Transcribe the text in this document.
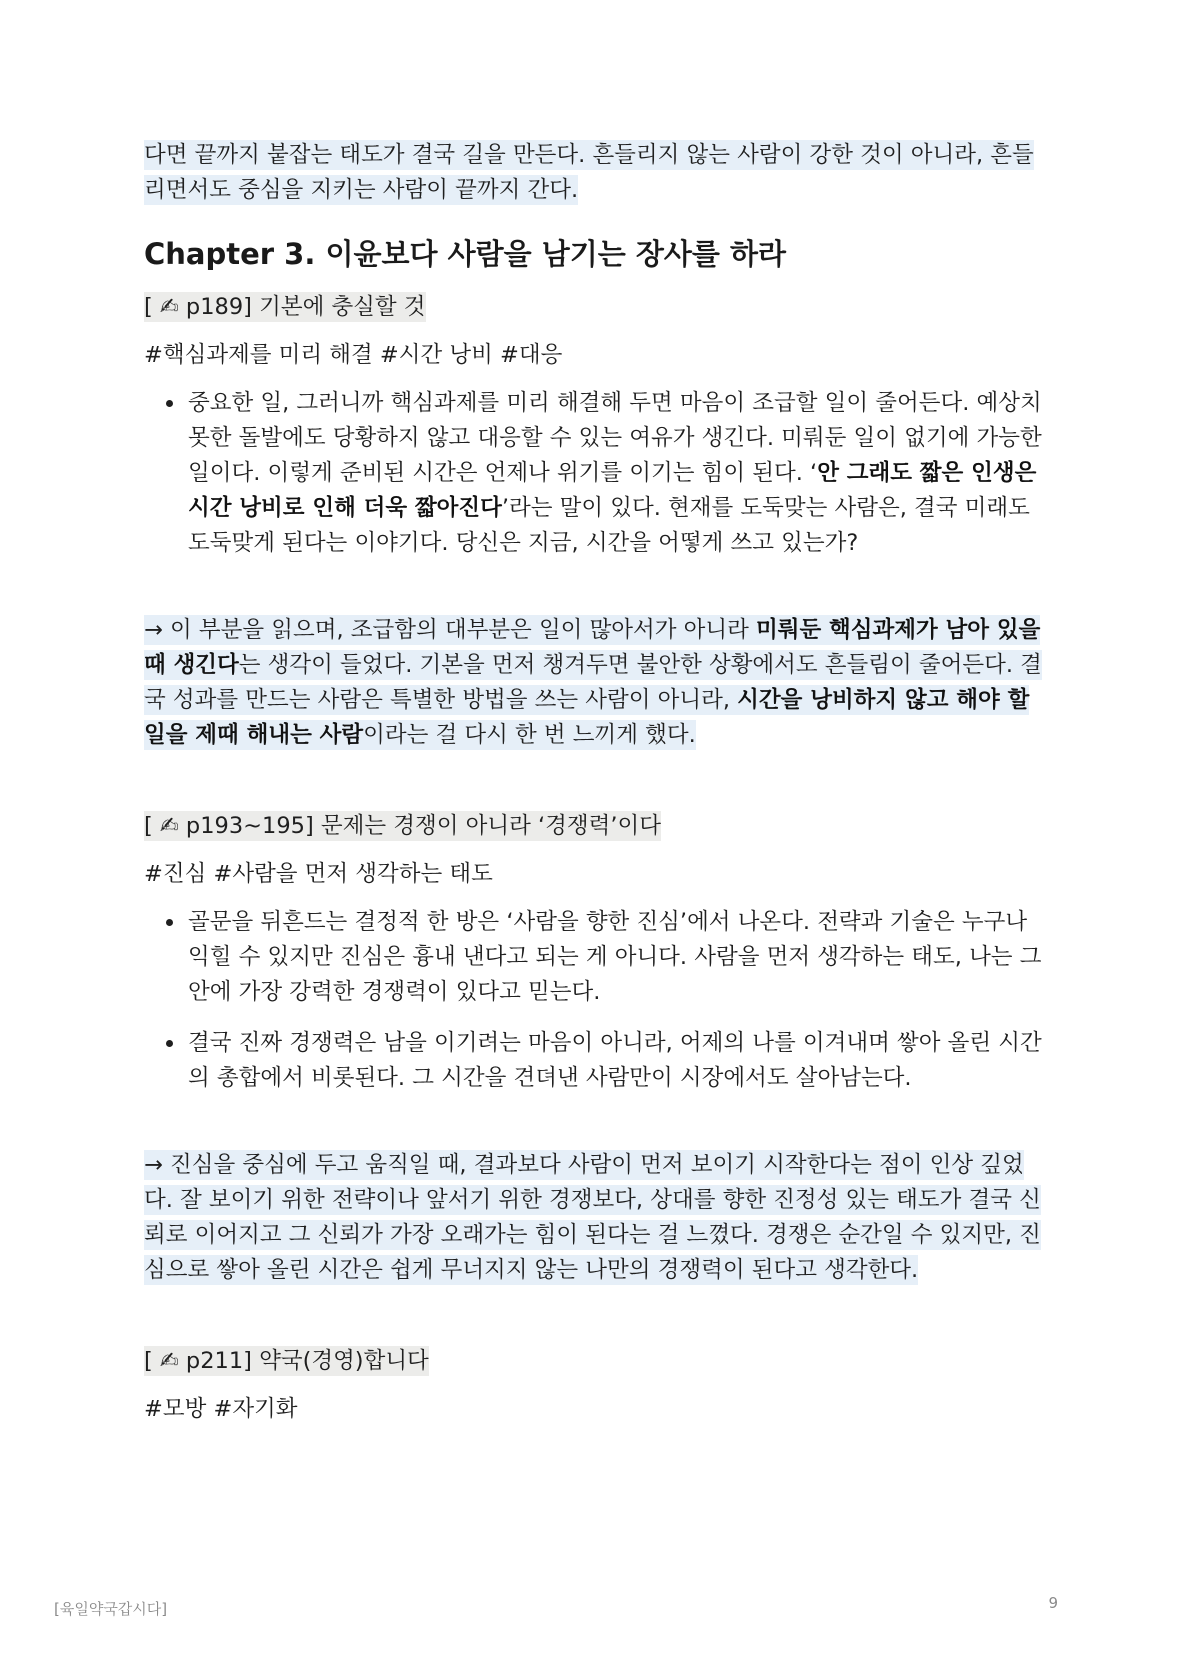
다면 끝까지 붙잡는 태도가 결국 길을 만든다. 흔들리지 않는 사람이 강한 것이 아니라, 흔들리면서도 중심을 지키는 사람이 끝까지 간다.

Chapter 3. 이윤보다 사람을 남기는 장사를 하라

[ ✍ p189] 기본에 충실할 것

#핵심과제를 미리 해결 #시간 낭비 #대응

• 중요한 일, 그러니까 핵심과제를 미리 해결해 두면 마음이 조급할 일이 줄어든다. 예상치 못한 돌발에도 당황하지 않고 대응할 수 있는 여유가 생긴다. 미뤄둔 일이 없기에 가능한 일이다. 이렇게 준비된 시간은 언제나 위기를 이기는 힘이 된다. ‘안 그래도 짧은 인생은 시간 낭비로 인해 더욱 짧아진다’라는 말이 있다. 현재를 도둑맞는 사람은, 결국 미래도 도둑맞게 된다는 이야기다. 당신은 지금, 시간을 어떻게 쓰고 있는가?

→ 이 부분을 읽으며, 조급함의 대부분은 일이 많아서가 아니라 미뤄둔 핵심과제가 남아 있을 때 생긴다는 생각이 들었다. 기본을 먼저 챙겨두면 불안한 상황에서도 흔들림이 줄어든다. 결국 성과를 만드는 사람은 특별한 방법을 쓰는 사람이 아니라, 시간을 낭비하지 않고 해야 할 일을 제때 해내는 사람이라는 걸 다시 한 번 느끼게 했다.

[ ✍ p193~195] 문제는 경쟁이 아니라 ‘경쟁력’이다

#진심 #사람을 먼저 생각하는 태도

• 골문을 뒤흔드는 결정적 한 방은 ‘사람을 향한 진심’에서 나온다. 전략과 기술은 누구나 익힐 수 있지만 진심은 흉내 낸다고 되는 게 아니다. 사람을 먼저 생각하는 태도, 나는 그 안에 가장 강력한 경쟁력이 있다고 믿는다.
• 결국 진짜 경쟁력은 남을 이기려는 마음이 아니라, 어제의 나를 이겨내며 쌓아 올린 시간의 총합에서 비롯된다. 그 시간을 견뎌낸 사람만이 시장에서도 살아남는다.

→ 진심을 중심에 두고 움직일 때, 결과보다 사람이 먼저 보이기 시작한다는 점이 인상 깊었다. 잘 보이기 위한 전략이나 앞서기 위한 경쟁보다, 상대를 향한 진정성 있는 태도가 결국 신뢰로 이어지고 그 신뢰가 가장 오래가는 힘이 된다는 걸 느꼈다. 경쟁은 순간일 수 있지만, 진심으로 쌓아 올린 시간은 쉽게 무너지지 않는 나만의 경쟁력이 된다고 생각한다.

[ ✍ p211] 약국(경영)합니다

#모방 #자기화

[육일약국갑시다]	9
